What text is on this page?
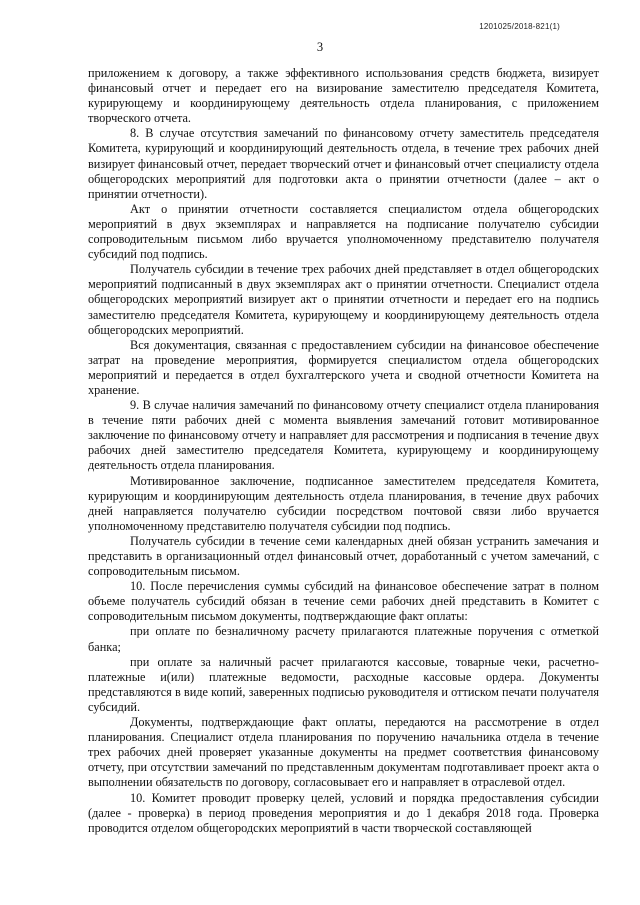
1201025/2018-821(1)
3

приложением к договору, а также эффективного использования средств бюджета, визирует финансовый отчет и передает его на визирование заместителю председателя Комитета, курирующему и координирующему деятельность отдела планирования, с приложением творческого отчета.

8. В случае отсутствия замечаний по финансовому отчету заместитель председателя Комитета, курирующий и координирующий деятельность отдела, в течение трех рабочих дней визирует финансовый отчет, передает творческий отчет и финансовый отчет специалисту отдела общегородских мероприятий для подготовки акта о принятии отчетности (далее – акт о принятии отчетности).

Акт о принятии отчетности составляется специалистом отдела общегородских мероприятий в двух экземплярах и направляется на подписание получателю субсидии сопроводительным письмом либо вручается уполномоченному представителю получателя субсидий под подпись.

Получатель субсидии в течение трех рабочих дней представляет в отдел общегородских мероприятий подписанный в двух экземплярах акт о принятии отчетности. Специалист отдела общегородских мероприятий визирует акт о принятии отчетности и передает его на подпись заместителю председателя Комитета, курирующему и координирующему деятельность отдела общегородских мероприятий.

Вся документация, связанная с предоставлением субсидии на финансовое обеспечение затрат на проведение мероприятия, формируется специалистом отдела общегородских мероприятий и передается в отдел бухгалтерского учета и сводной отчетности Комитета на хранение.

9. В случае наличия замечаний по финансовому отчету специалист отдела планирования в течение пяти рабочих дней с момента выявления замечаний готовит мотивированное заключение по финансовому отчету и направляет для рассмотрения и подписания в течение двух рабочих дней заместителю председателя Комитета, курирующему и координирующему деятельность отдела планирования.

Мотивированное заключение, подписанное заместителем председателя Комитета, курирующим и координирующим деятельность отдела планирования, в течение двух рабочих дней направляется получателю субсидии посредством почтовой связи либо вручается уполномоченному представителю получателя субсидии под подпись.

Получатель субсидии в течение семи календарных дней обязан устранить замечания и представить в организационный отдел финансовый отчет, доработанный с учетом замечаний, с сопроводительным письмом.

10. После перечисления суммы субсидий на финансовое обеспечение затрат в полном объеме получатель субсидий обязан в течение семи рабочих дней представить в Комитет с сопроводительным письмом документы, подтверждающие факт оплаты:

при оплате по безналичному расчету прилагаются платежные поручения с отметкой банка;

при оплате за наличный расчет прилагаются кассовые, товарные чеки, расчетно-платежные и(или) платежные ведомости, расходные кассовые ордера. Документы представляются в виде копий, заверенных подписью руководителя и оттиском печати получателя субсидий.

Документы, подтверждающие факт оплаты, передаются на рассмотрение в отдел планирования. Специалист отдела планирования по поручению начальника отдела в течение трех рабочих дней проверяет указанные документы на предмет соответствия финансовому отчету, при отсутствии замечаний по представленным документам подготавливает проект акта о выполнении обязательств по договору, согласовывает его и направляет в отраслевой отдел.

10. Комитет проводит проверку целей, условий и порядка предоставления субсидии (далее - проверка) в период проведения мероприятия и до 1 декабря 2018 года. Проверка проводится отделом общегородских мероприятий в части творческой составляющей
